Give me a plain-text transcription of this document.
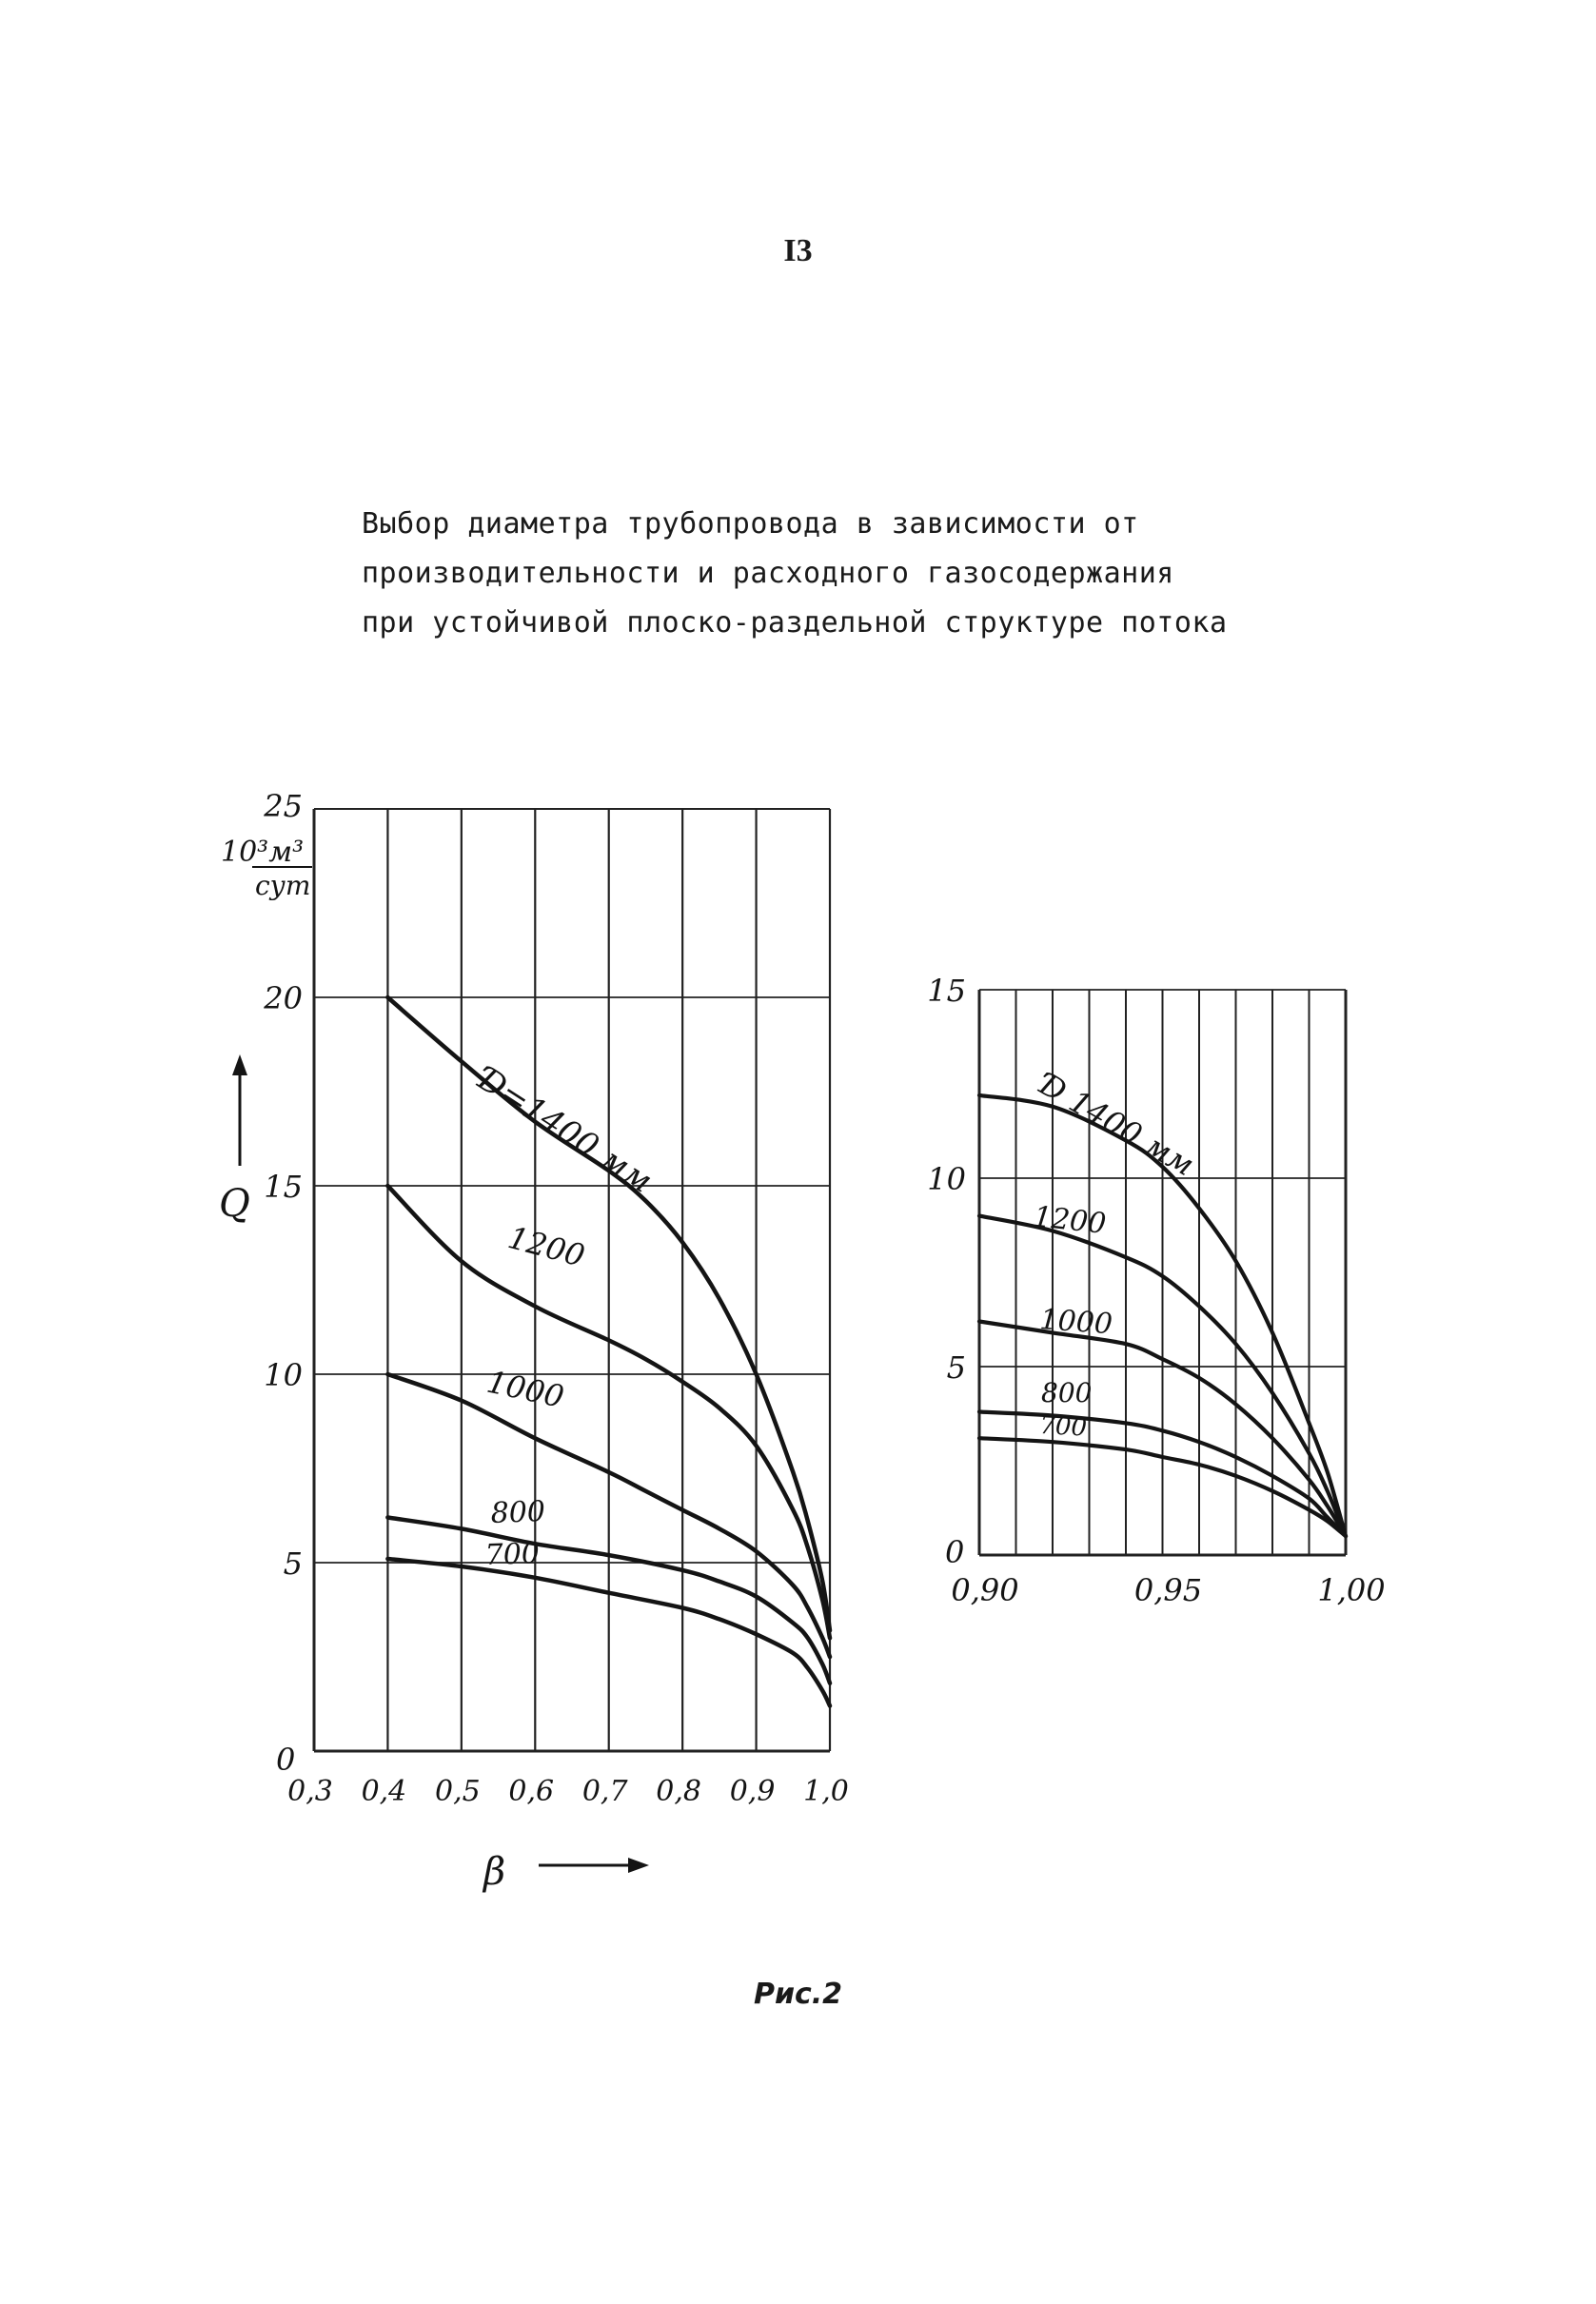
I3
Выбор диаметра трубопровода в зависимости от
производительности и расходного газосодержания
при устойчивой плоско-раздельной структуре потока
0,3 0,4 0,5 0,6 0,7 0,8 0,9 1,0
0
5
10
15
20
25
10³м³
сут
Q
β
Ɗ=1400 мм
1200
1000
800
700
0,90	0,95	1,00
0
5
10
15
Ɗ 1400 мм
1200
1000
800
700
Рис.2
